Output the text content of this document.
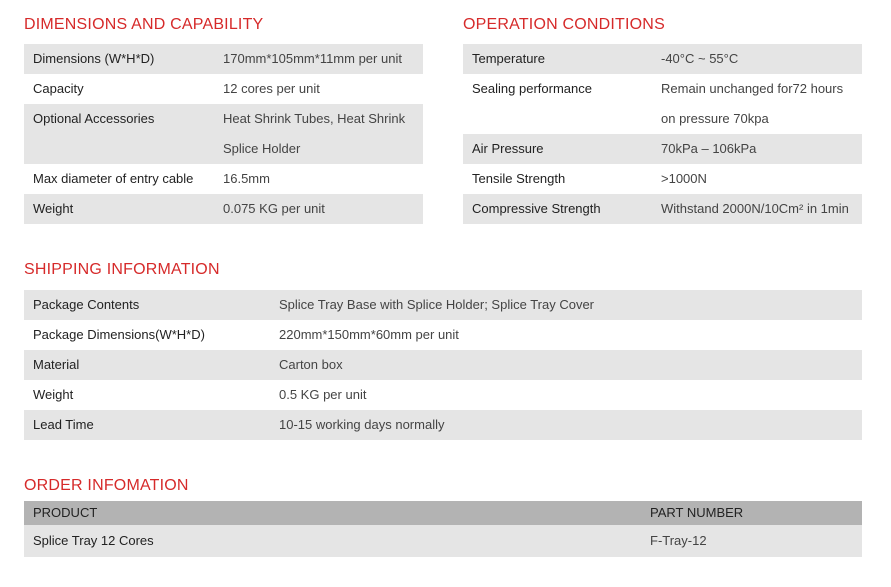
DIMENSIONS AND CAPABILITY
Dimensions (W*H*D)	170mm*105mm*11mm per unit
Capacity	12 cores per unit
Optional Accessories	Heat Shrink Tubes, Heat Shrink Splice Holder
Max diameter of entry cable	16.5mm
Weight	0.075 KG per unit
OPERATION CONDITIONS
Temperature	-40°C ~ 55°C
Sealing performance	Remain unchanged for72 hours on pressure 70kpa
Air Pressure	70kPa – 106kPa
Tensile Strength	>1000N
Compressive Strength	Withstand 2000N/10Cm² in 1min
SHIPPING INFORMATION
Package Contents	Splice Tray Base with Splice Holder; Splice Tray Cover
Package Dimensions(W*H*D)	220mm*150mm*60mm per unit
Material	Carton box
Weight	0.5 KG per unit
Lead Time	10-15 working days normally
ORDER INFOMATION
PRODUCT	PART NUMBER
Splice Tray 12 Cores	F-Tray-12
